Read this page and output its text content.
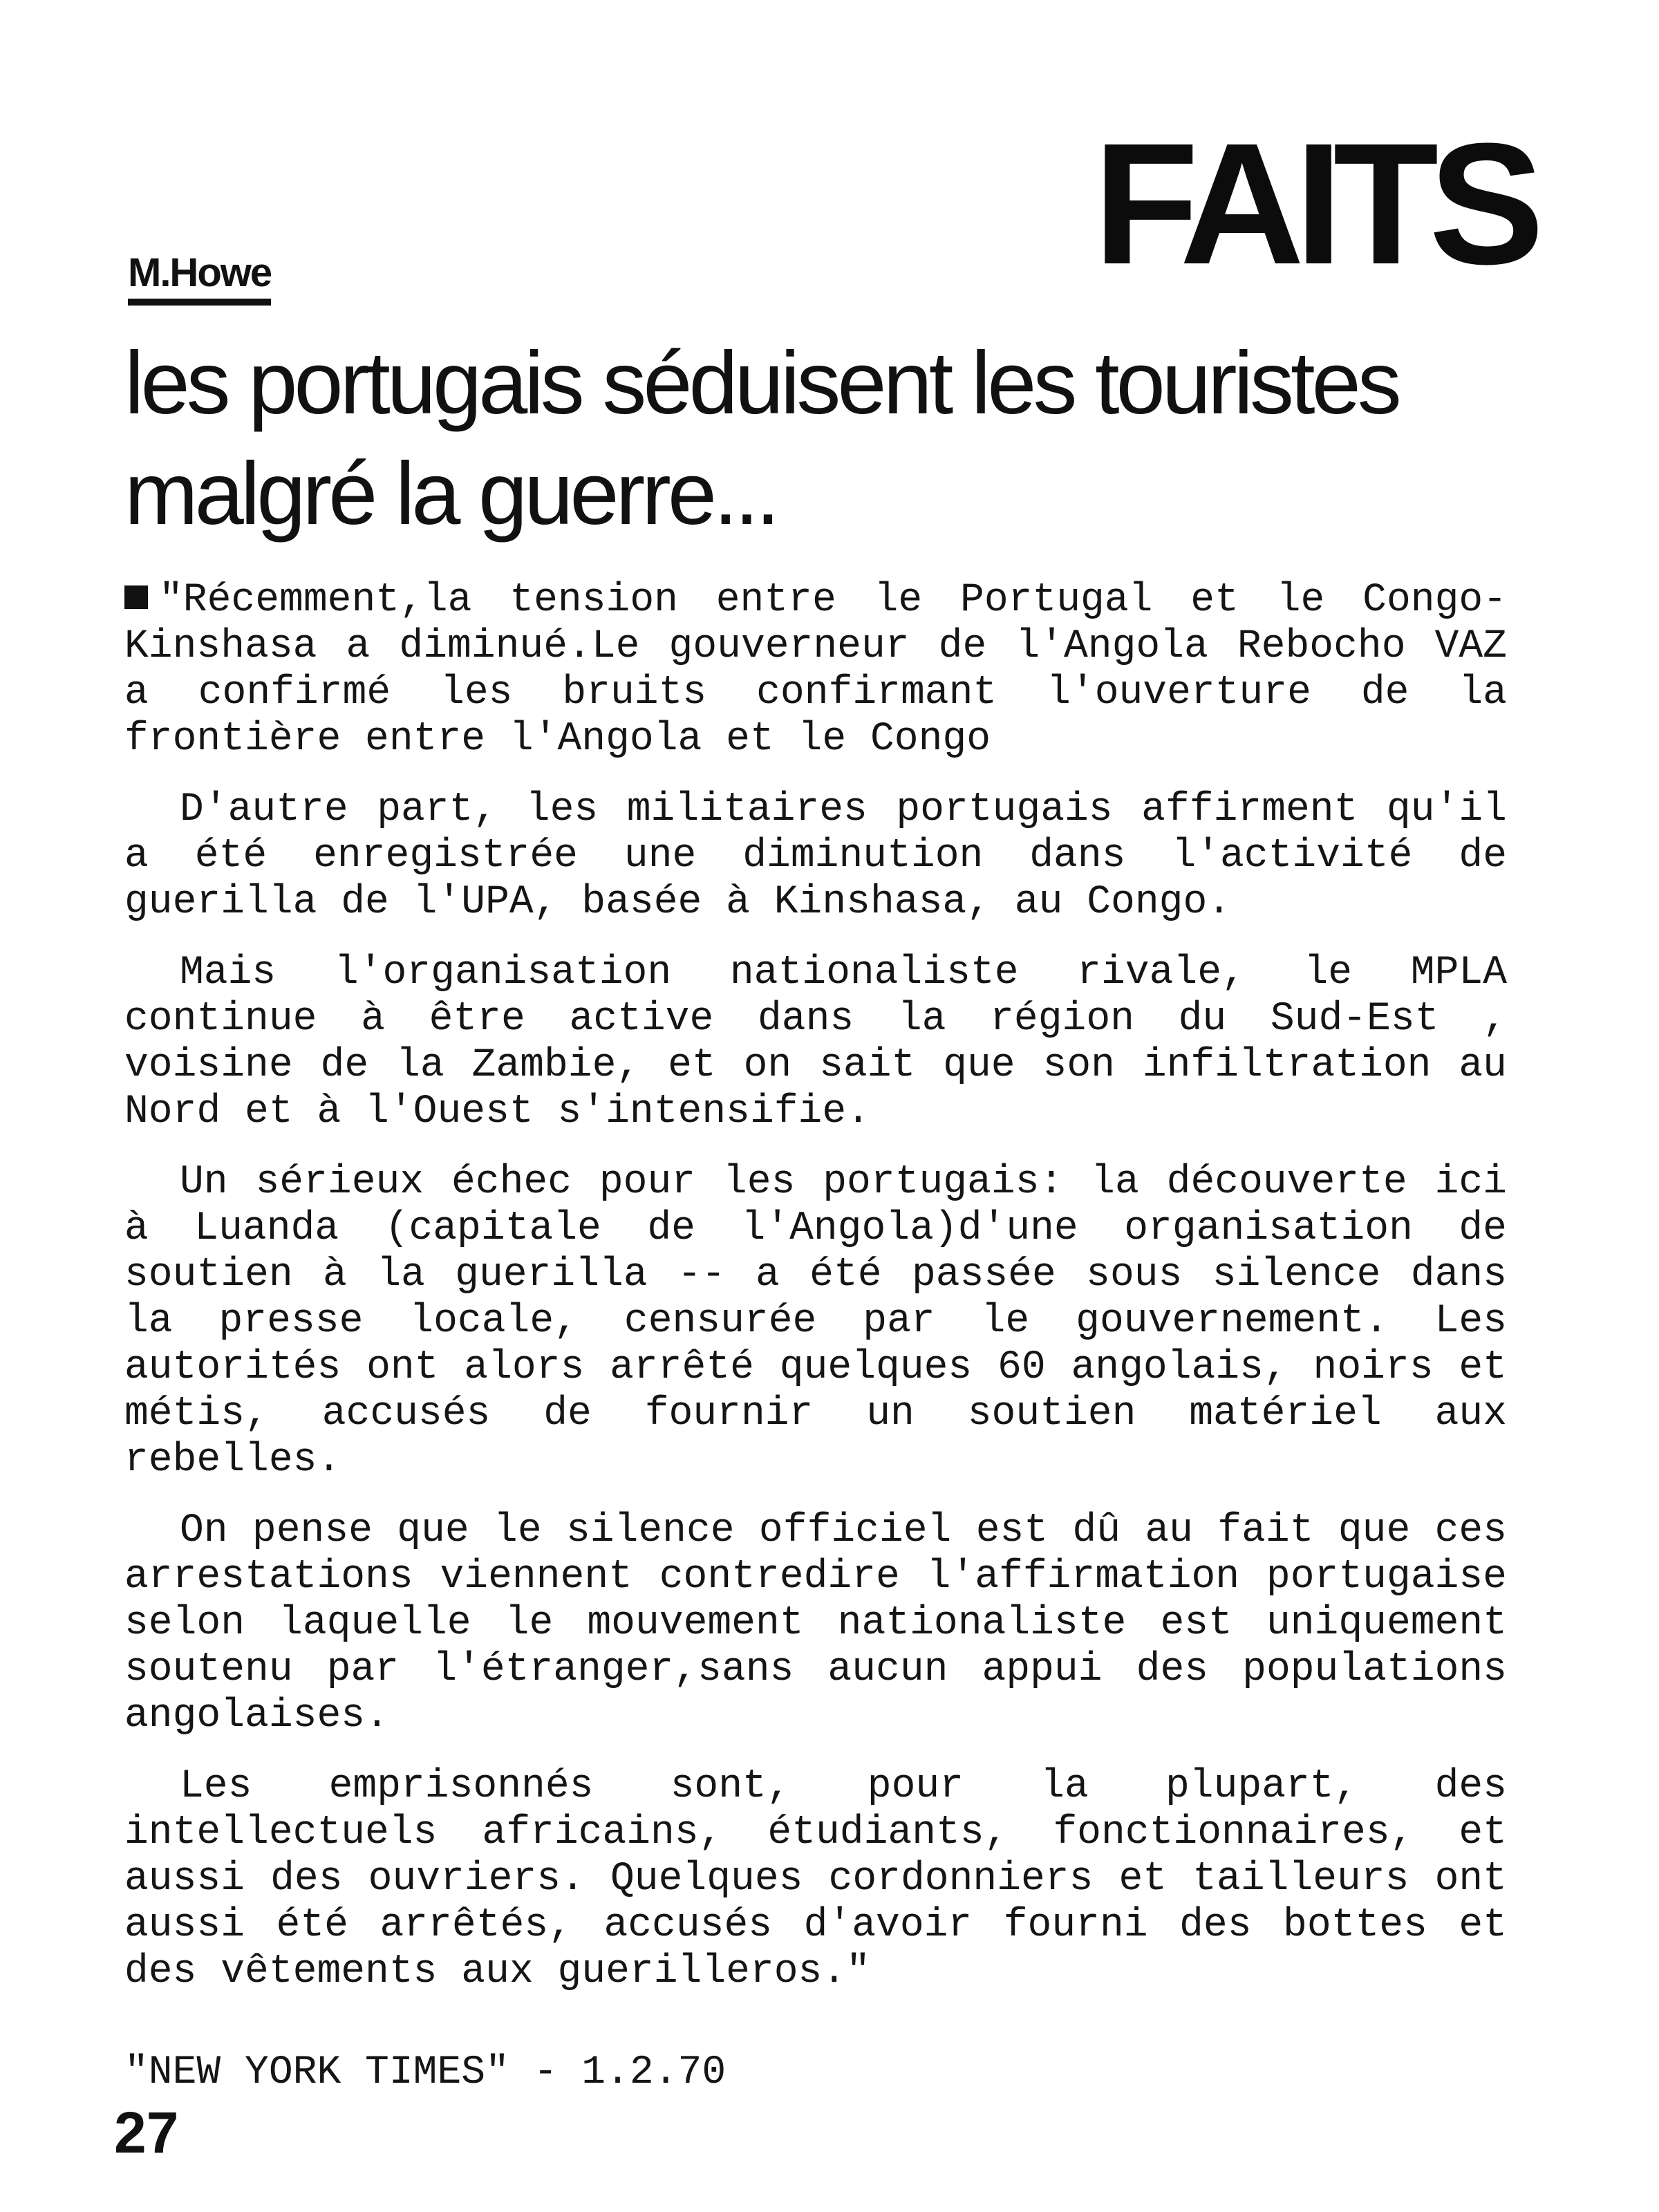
FAITS
M.Howe
les portugais séduisent les touristes
malgré la guerre...

"Récemment,la tension entre le Portugal et le Congo-Kinshasa a diminué.Le gouverneur de l'Angola Rebocho VAZ a confirmé les bruits confirmant l'ouverture de la frontière entre l'Angola et le Congo

D'autre part, les militaires portugais affirment qu'il a été enregistrée une diminution dans l'activité de guerilla de l'UPA, basée à Kinshasa, au Congo.

Mais l'organisation nationaliste rivale, le MPLA continue à être active dans la région du Sud-Est , voisine de la Zambie, et on sait que son infiltration au Nord et à l'Ouest s'intensifie.

Un sérieux échec pour les portugais: la découverte ici à Luanda (capitale de l'Angola)d'une organisation de soutien à la guerilla -- a été passée sous silence dans la presse locale, censurée par le gouvernement. Les autorités ont alors arrêté quelques 60 angolais, noirs et métis, accusés de fournir un soutien matériel aux rebelles.

On pense que le silence officiel est dû au fait que ces arrestations viennent contredire l'affirmation portugaise selon laquelle le mouvement nationaliste est uniquement soutenu par l'étranger,sans aucun appui des populations angolaises.

Les emprisonnés sont, pour la plupart, des intellectuels africains, étudiants, fonctionnaires, et aussi des ouvriers. Quelques cordonniers et tailleurs ont aussi été arrêtés, accusés d'avoir fourni des bottes et des vêtements aux guerilleros."

"NEW YORK TIMES" - 1.2.70
27
